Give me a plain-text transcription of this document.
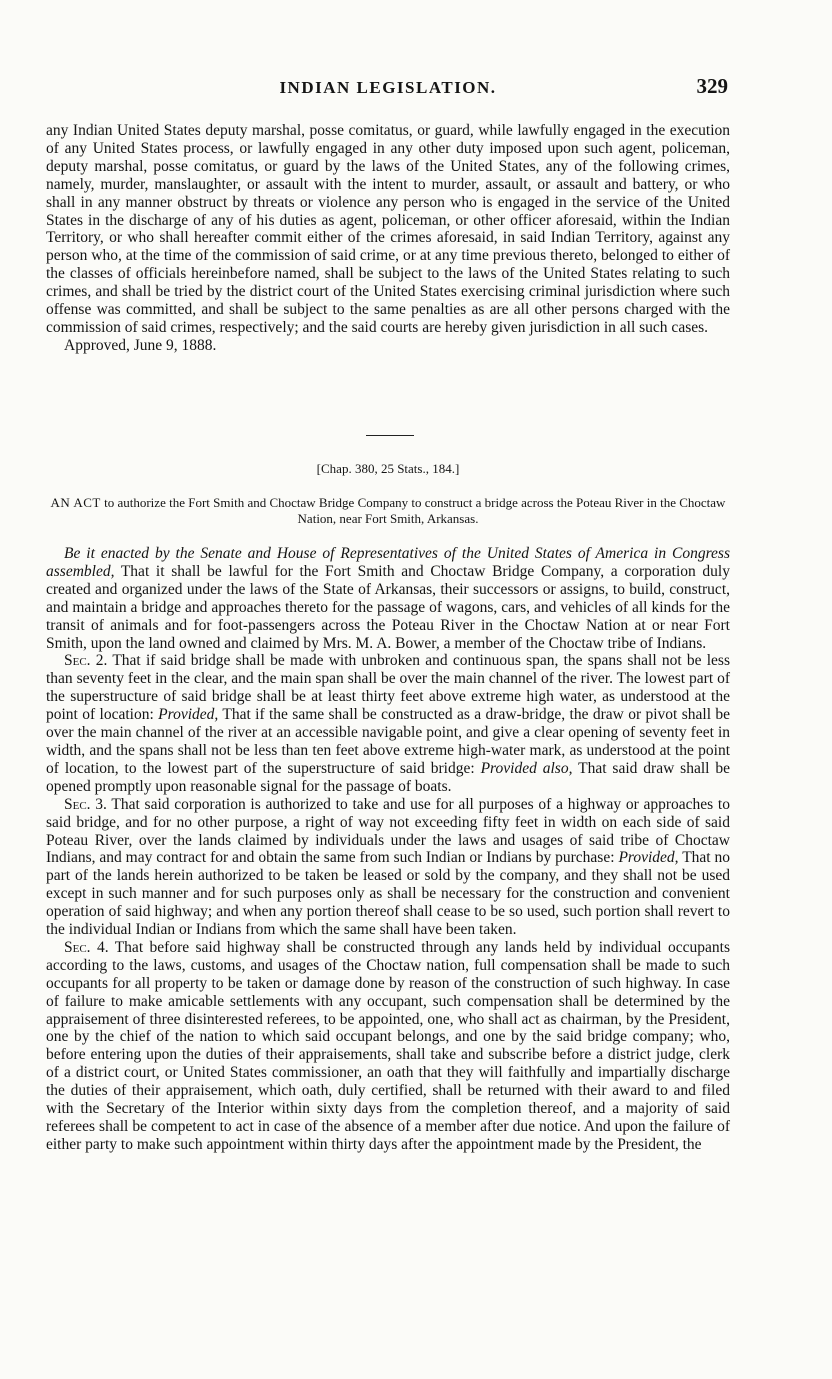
INDIAN LEGISLATION.	329

any Indian United States deputy marshal, posse comitatus, or guard, while lawfully engaged in the execution of any United States process, or lawfully engaged in any other duty imposed upon such agent, policeman, deputy marshal, posse comitatus, or guard by the laws of the United States, any of the following crimes, namely, murder, manslaughter, or assault with the intent to murder, assault, or assault and battery, or who shall in any manner obstruct by threats or violence any person who is engaged in the service of the United States in the discharge of any of his duties as agent, policeman, or other officer aforesaid, within the Indian Territory, or who shall hereafter commit either of the crimes aforesaid, in said Indian Territory, against any person who, at the time of the commission of said crime, or at any time previous thereto, belonged to either of the classes of officials hereinbefore named, shall be subject to the laws of the United States relating to such crimes, and shall be tried by the district court of the United States exercising criminal jurisdiction where such offense was committed, and shall be subject to the same penalties as are all other persons charged with the commission of said crimes, respectively; and the said courts are hereby given jurisdiction in all such cases.

Approved, June 9, 1888.

[Chap. 380, 25 Stats., 184.]
AN ACT to authorize the Fort Smith and Choctaw Bridge Company to construct a bridge across the Poteau River in the Choctaw Nation, near Fort Smith, Arkansas.

Be it enacted by the Senate and House of Representatives of the United States of America in Congress assembled, That it shall be lawful for the Fort Smith and Choctaw Bridge Company, a corporation duly created and organized under the laws of the State of Arkansas, their successors or assigns, to build, construct, and maintain a bridge and approaches thereto for the passage of wagons, cars, and vehicles of all kinds for the transit of animals and for foot-passengers across the Poteau River in the Choctaw Nation at or near Fort Smith, upon the land owned and claimed by Mrs. M. A. Bower, a member of the Choctaw tribe of Indians.

Sec. 2. That if said bridge shall be made with unbroken and continuous span, the spans shall not be less than seventy feet in the clear, and the main span shall be over the main channel of the river. The lowest part of the superstructure of said bridge shall be at least thirty feet above extreme high water, as understood at the point of location: Provided, That if the same shall be constructed as a draw-bridge, the draw or pivot shall be over the main channel of the river at an accessible navigable point, and give a clear opening of seventy feet in width, and the spans shall not be less than ten feet above extreme high-water mark, as understood at the point of location, to the lowest part of the superstructure of said bridge: Provided also, That said draw shall be opened promptly upon reasonable signal for the passage of boats.

Sec. 3. That said corporation is authorized to take and use for all purposes of a highway or approaches to said bridge, and for no other purpose, a right of way not exceeding fifty feet in width on each side of said Poteau River, over the lands claimed by individuals under the laws and usages of said tribe of Choctaw Indians, and may contract for and obtain the same from such Indian or Indians by purchase: Provided, That no part of the lands herein authorized to be taken be leased or sold by the company, and they shall not be used except in such manner and for such purposes only as shall be necessary for the construction and convenient operation of said highway; and when any portion thereof shall cease to be so used, such portion shall revert to the individual Indian or Indians from which the same shall have been taken.

Sec. 4. That before said highway shall be constructed through any lands held by individual occupants according to the laws, customs, and usages of the Choctaw nation, full compensation shall be made to such occupants for all property to be taken or damage done by reason of the construction of such highway. In case of failure to make amicable settlements with any occupant, such compensation shall be determined by the appraisement of three disinterested referees, to be appointed, one, who shall act as chairman, by the President, one by the chief of the nation to which said occupant belongs, and one by the said bridge company; who, before entering upon the duties of their appraisements, shall take and subscribe before a district judge, clerk of a district court, or United States commissioner, an oath that they will faithfully and impartially discharge the duties of their appraisement, which oath, duly certified, shall be returned with their award to and filed with the Secretary of the Interior within sixty days from the completion thereof, and a majority of said referees shall be competent to act in case of the absence of a member after due notice. And upon the failure of either party to make such appointment within thirty days after the appointment made by the President, the
